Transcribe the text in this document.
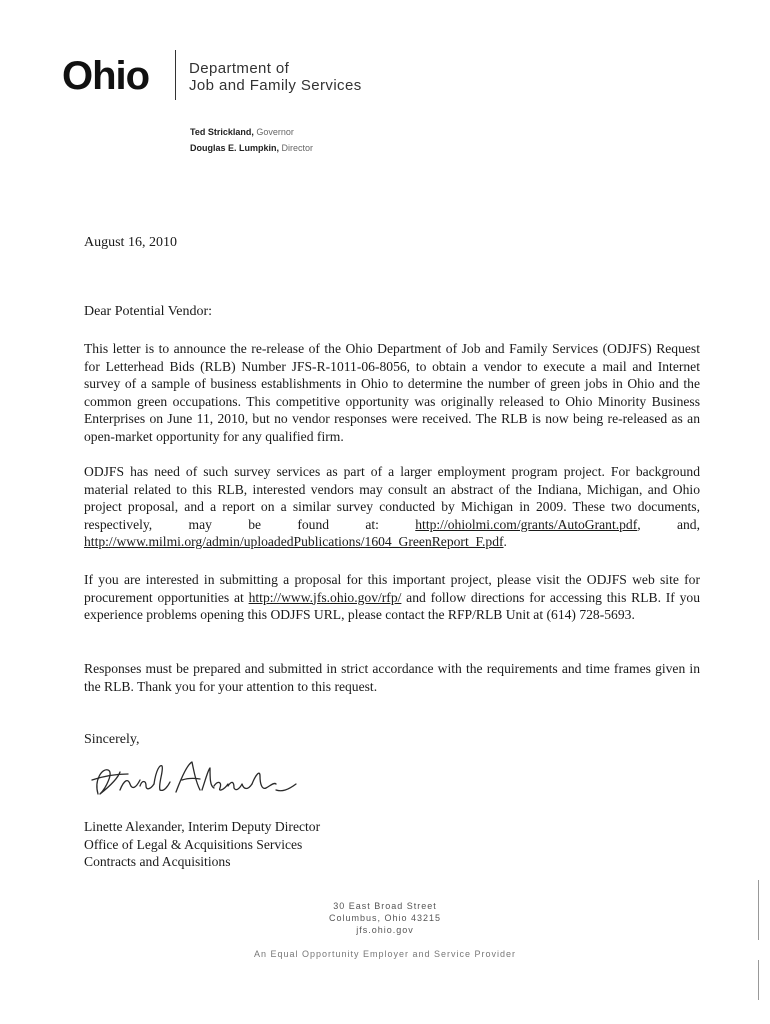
Ohio	Department of
Job and Family Services
Ted Strickland, Governor
Douglas E. Lumpkin, Director
August 16, 2010
Dear Potential Vendor:

This letter is to announce the re-release of the Ohio Department of Job and Family Services (ODJFS) Request for Letterhead Bids (RLB) Number JFS-R-1011-06-8056, to obtain a vendor to execute a mail and Internet survey of a sample of business establishments in Ohio to determine the number of green jobs in Ohio and the common green occupations. This competitive opportunity was originally released to Ohio Minority Business Enterprises on June 11, 2010, but no vendor responses were received. The RLB is now being re-released as an open-market opportunity for any qualified firm.

ODJFS has need of such survey services as part of a larger employment program project. For background material related to this RLB, interested vendors may consult an abstract of the Indiana, Michigan, and Ohio project proposal, and a report on a similar survey conducted by Michigan in 2009. These two documents, respectively, may be found at: http://ohiolmi.com/grants/AutoGrant.pdf, and, http://www.milmi.org/admin/uploadedPublications/1604_GreenReport_F.pdf.

If you are interested in submitting a proposal for this important project, please visit the ODJFS web site for procurement opportunities at http://www.jfs.ohio.gov/rfp/ and follow directions for accessing this RLB. If you experience problems opening this ODJFS URL, please contact the RFP/RLB Unit at (614) 728-5693.

Responses must be prepared and submitted in strict accordance with the requirements and time frames given in the RLB. Thank you for your attention to this request.

Sincerely,
Linette Alexander, Interim Deputy Director
Office of Legal & Acquisitions Services
Contracts and Acquisitions
30 East Broad Street
Columbus, Ohio 43215
jfs.ohio.gov
An Equal Opportunity Employer and Service Provider
